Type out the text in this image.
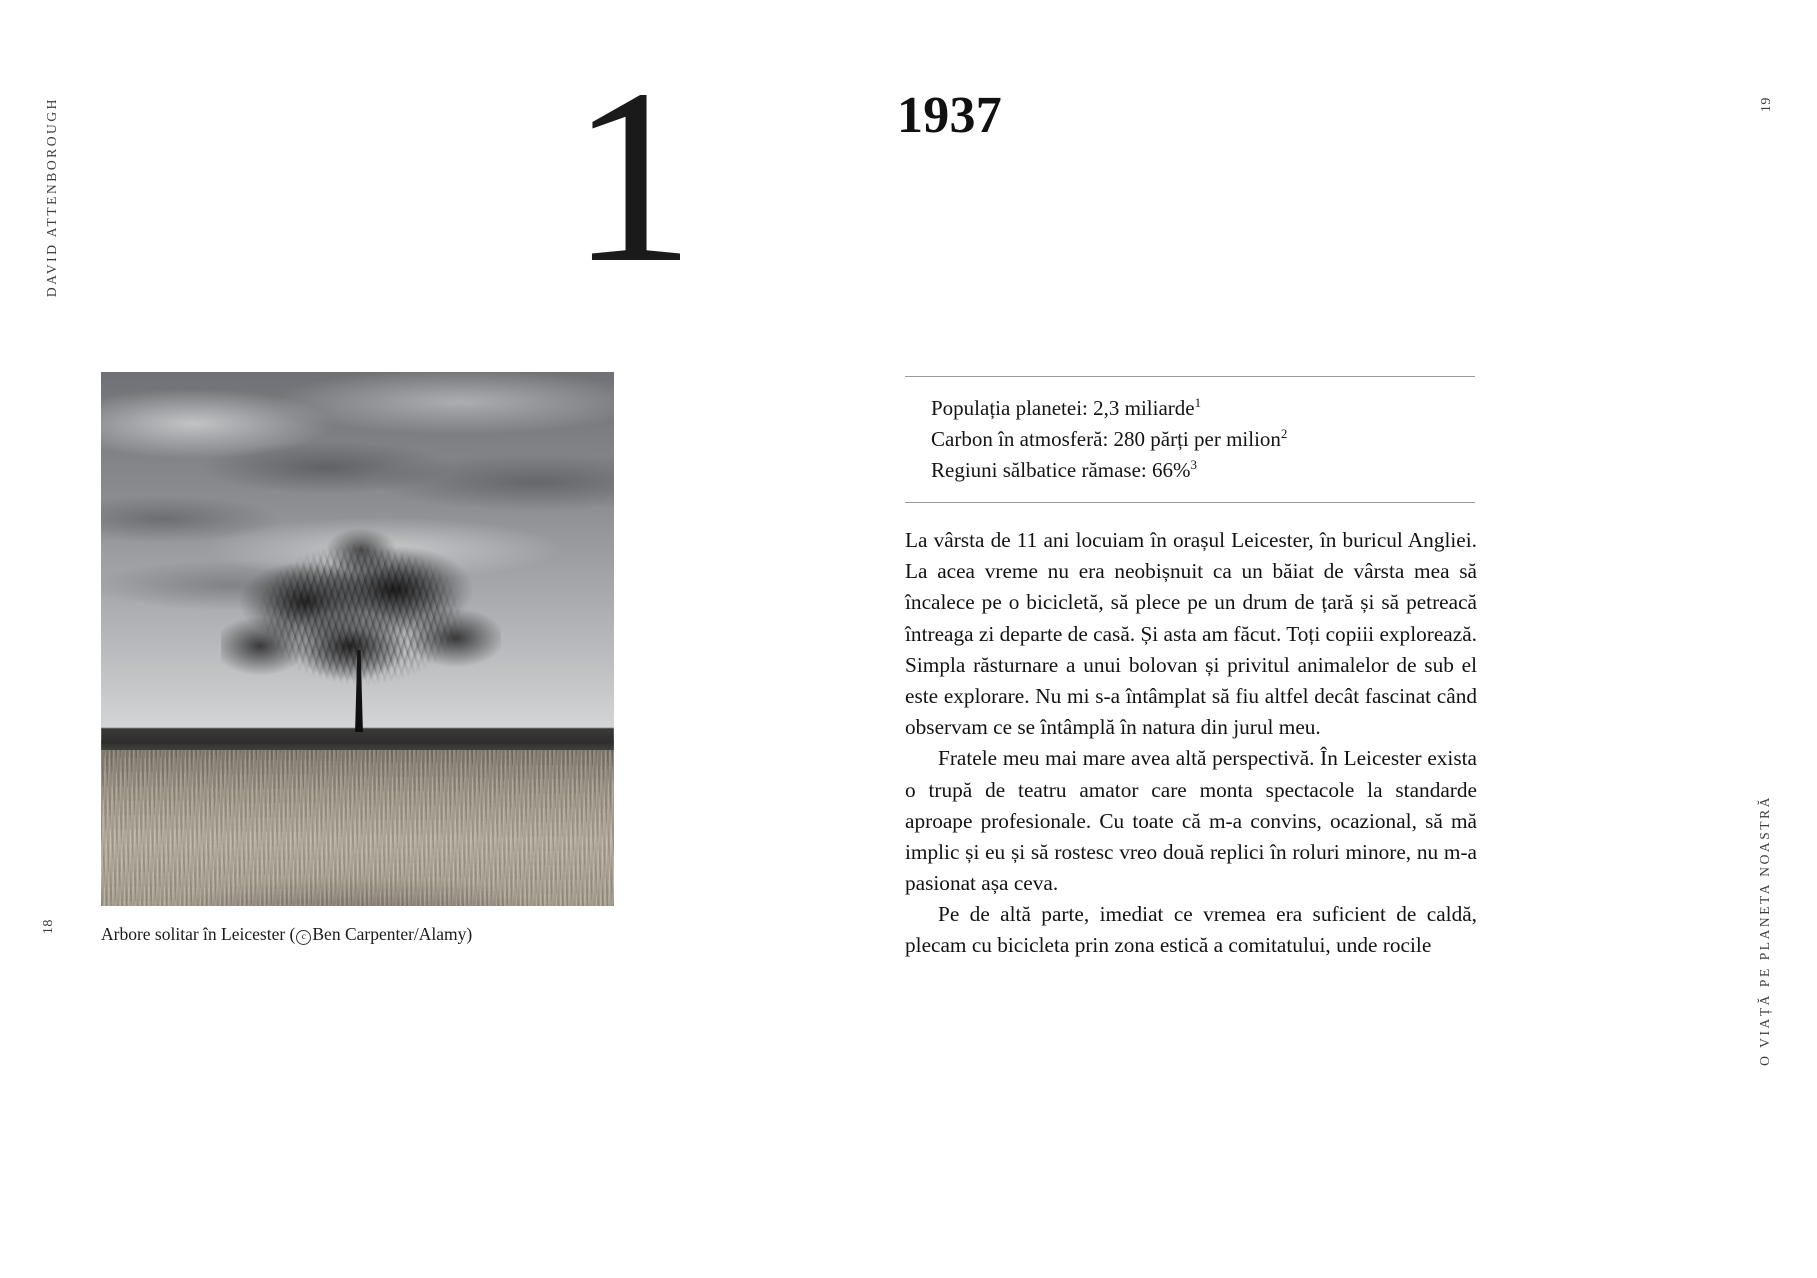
DAVID ATTENBOROUGH
18
1
Arbore solitar în Leicester ( c Ben Carpenter/Alamy)	O VIAȚĂ PE PLANETA NOASTRĂ
19
1937
Populația planetei: 2,3 miliarde$^1$
Carbon în atmosferă: 280 părți per milion$^2$
Regiuni sălbatice rămase: 66%$^3$

La vârsta de 11 ani locuiam în orașul Leicester, în buricul Angliei. La acea vreme nu era neobișnuit ca un băiat de vârsta mea să încalece pe o bicicletă, să plece pe un drum de țară și să petreacă întreaga zi departe de casă. Și asta am făcut. Toți copiii explorează. Simpla răsturnare a unui bolovan și privitul animalelor de sub el este explorare. Nu mi s-a întâmplat să fiu altfel decât fascinat când observam ce se întâmplă în natura din jurul meu.

Fratele meu mai mare avea altă perspectivă. În Leicester exista o trupă de teatru amator care monta spectacole la standarde aproape profesionale. Cu toate că m-a convins, ocazional, să mă implic și eu și să rostesc vreo două replici în roluri minore, nu m-a pasionat așa ceva.

Pe de altă parte, imediat ce vremea era suficient de caldă, plecam cu bicicleta prin zona estică a comitatului, unde rocile
